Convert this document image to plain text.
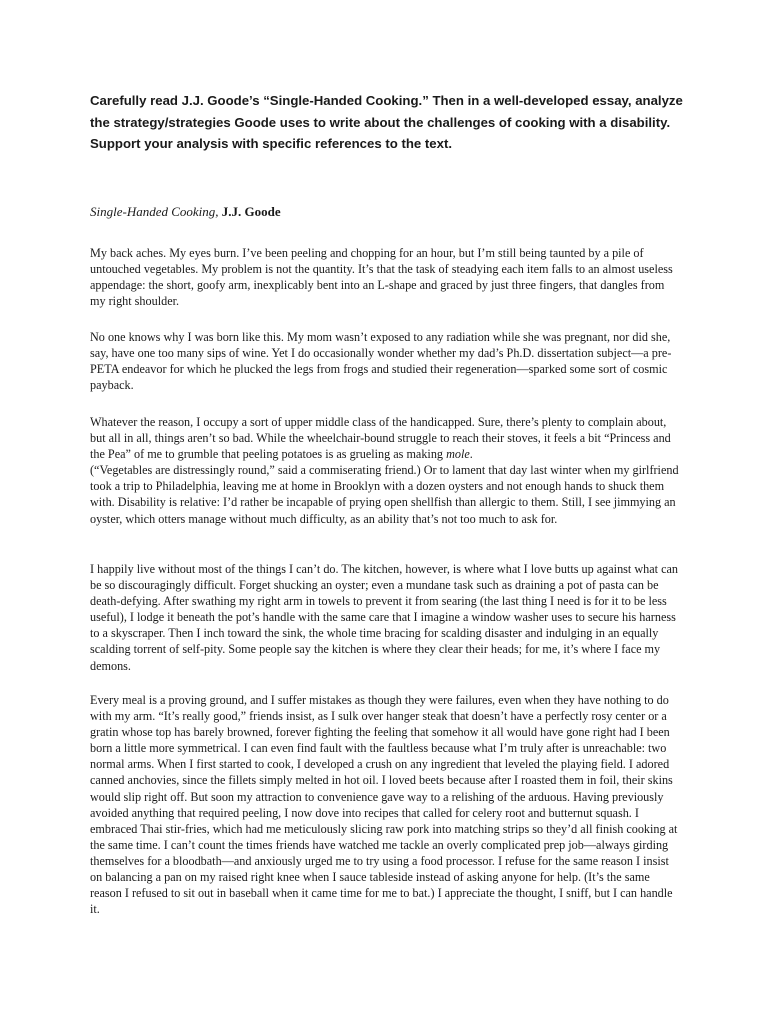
Carefully read J.J. Goode’s “Single-Handed Cooking.” Then in a well-developed essay, analyze the strategy/strategies Goode uses to write about the challenges of cooking with a disability. Support your analysis with specific references to the text.

Single-Handed Cooking, J.J. Goode

My back aches. My eyes burn. I’ve been peeling and chopping for an hour, but I’m still being taunted by a pile of untouched vegetables. My problem is not the quantity. It’s that the task of steadying each item falls to an almost useless appendage: the short, goofy arm, inexplicably bent into an L-shape and graced by just three fingers, that dangles from my right shoulder.

No one knows why I was born like this. My mom wasn’t exposed to any radiation while she was pregnant, nor did she, say, have one too many sips of wine. Yet I do occasionally wonder whether my dad’s Ph.D. dissertation subject—a pre-PETA endeavor for which he plucked the legs from frogs and studied their regeneration—sparked some sort of cosmic payback.

Whatever the reason, I occupy a sort of upper middle class of the handicapped. Sure, there’s plenty to complain about, but all in all, things aren’t so bad. While the wheelchair-bound struggle to reach their stoves, it feels a bit “Princess and the Pea” of me to grumble that peeling potatoes is as grueling as making mole.
(“Vegetables are distressingly round,” said a commiserating friend.) Or to lament that day last winter when my girlfriend took a trip to Philadelphia, leaving me at home in Brooklyn with a dozen oysters and not enough hands to shuck them with. Disability is relative: I’d rather be incapable of prying open shellfish than allergic to them. Still, I see jimmying an oyster, which otters manage without much difficulty, as an ability that’s not too much to ask for.

I happily live without most of the things I can’t do. The kitchen, however, is where what I love butts up against what can be so discouragingly difficult. Forget shucking an oyster; even a mundane task such as draining a pot of pasta can be death-defying. After swathing my right arm in towels to prevent it from searing (the last thing I need is for it to be less useful), I lodge it beneath the pot’s handle with the same care that I imagine a window washer uses to secure his harness to a skyscraper. Then I inch toward the sink, the whole time bracing for scalding disaster and indulging in an equally scalding torrent of self-pity. Some people say the kitchen is where they clear their heads; for me, it’s where I face my demons.

Every meal is a proving ground, and I suffer mistakes as though they were failures, even when they have nothing to do with my arm. “It’s really good,” friends insist, as I sulk over hanger steak that doesn’t have a perfectly rosy center or a gratin whose top has barely browned, forever fighting the feeling that somehow it all would have gone right had I been born a little more symmetrical. I can even find fault with the faultless because what I’m truly after is unreachable: two normal arms. When I first started to cook, I developed a crush on any ingredient that leveled the playing field. I adored canned anchovies, since the fillets simply melted in hot oil. I loved beets because after I roasted them in foil, their skins would slip right off. But soon my attraction to convenience gave way to a relishing of the arduous. Having previously avoided anything that required peeling, I now dove into recipes that called for celery root and butternut squash. I embraced Thai stir-fries, which had me meticulously slicing raw pork into matching strips so they’d all finish cooking at the same time. I can’t count the times friends have watched me tackle an overly complicated prep job—always girding themselves for a bloodbath—and anxiously urged me to try using a food processor. I refuse for the same reason I insist on balancing a pan on my raised right knee when I sauce tableside instead of asking anyone for help. (It’s the same reason I refused to sit out in baseball when it came time for me to bat.) I appreciate the thought, I sniff, but I can handle it.
